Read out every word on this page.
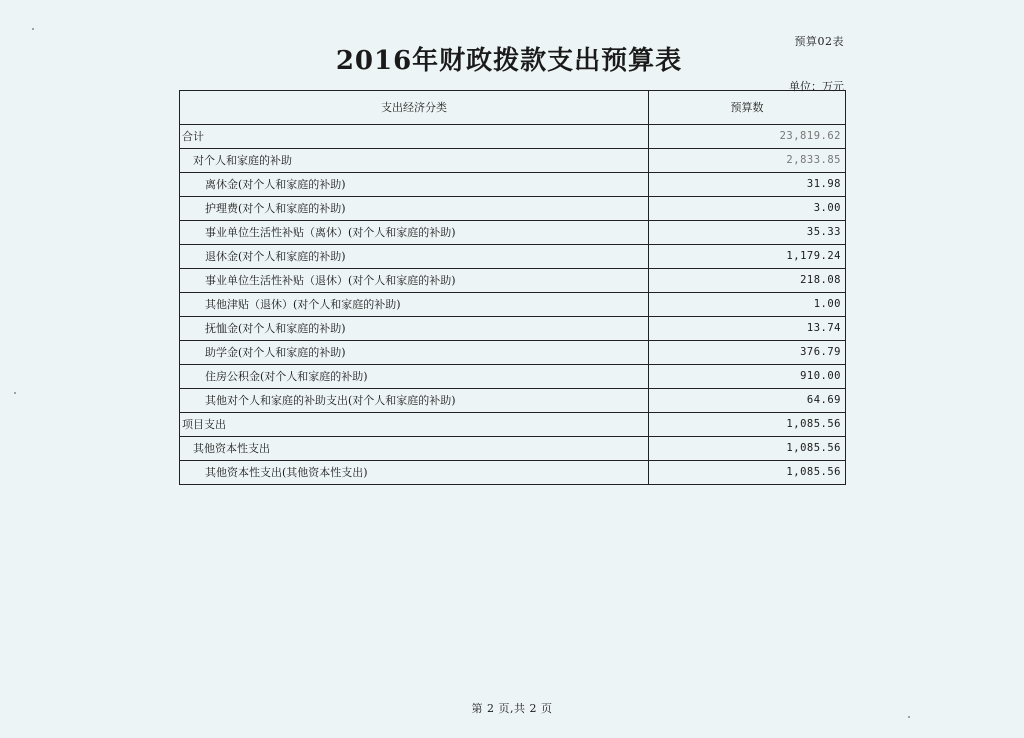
预算02表
2016年财政拨款支出预算表
单位：万元
支出经济分类	预算数
合计	23,819.62
对个人和家庭的补助	2,833.85
离休金(对个人和家庭的补助)	31.98
护理费(对个人和家庭的补助)	3.00
事业单位生活性补贴（离休）(对个人和家庭的补助)	35.33
退休金(对个人和家庭的补助)	1,179.24
事业单位生活性补贴（退休）(对个人和家庭的补助)	218.08
其他津贴（退休）(对个人和家庭的补助)	1.00
抚恤金(对个人和家庭的补助)	13.74
助学金(对个人和家庭的补助)	376.79
住房公积金(对个人和家庭的补助)	910.00
其他对个人和家庭的补助支出(对个人和家庭的补助)	64.69
项目支出	1,085.56
其他资本性支出	1,085.56
其他资本性支出(其他资本性支出)	1,085.56
第 2 页,共 2 页
